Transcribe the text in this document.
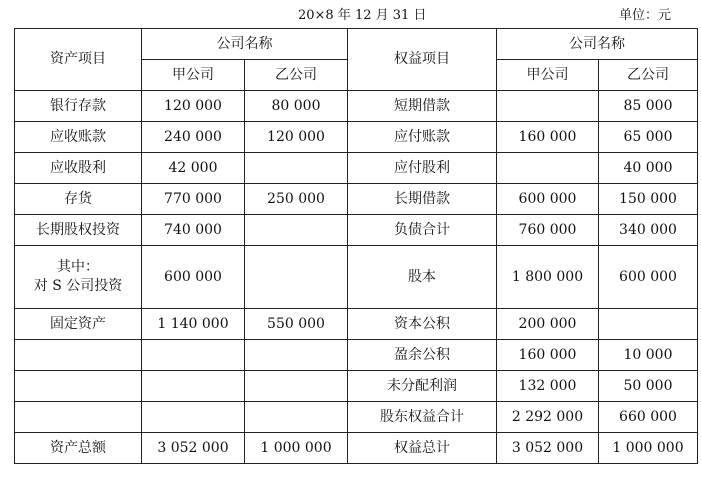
20×8 年 12 月 31 日	单位：元
资产项目	公司名称		权益项目	公司名称	
	甲公司	乙公司		甲公司	乙公司
银行存款	120 000	80 000	短期借款		85 000
应收账款	240 000	120 000	应付账款	160 000	65 000
应收股利	42 000		应付股利		40 000
存货	770 000	250 000	长期借款	600 000	150 000
长期股权投资	740 000		负债合计	760 000	340 000

其中：
对 S 公司投资	600 000		股本	1 800 000	600 000
固定资产	1 140 000	550 000	资本公积	200 000	
			盈余公积	160 000	10 000
			未分配利润	132 000	50 000
			股东权益合计	2 292 000	660 000
资产总额	3 052 000	1 000 000	权益总计	3 052 000	1 000 000
